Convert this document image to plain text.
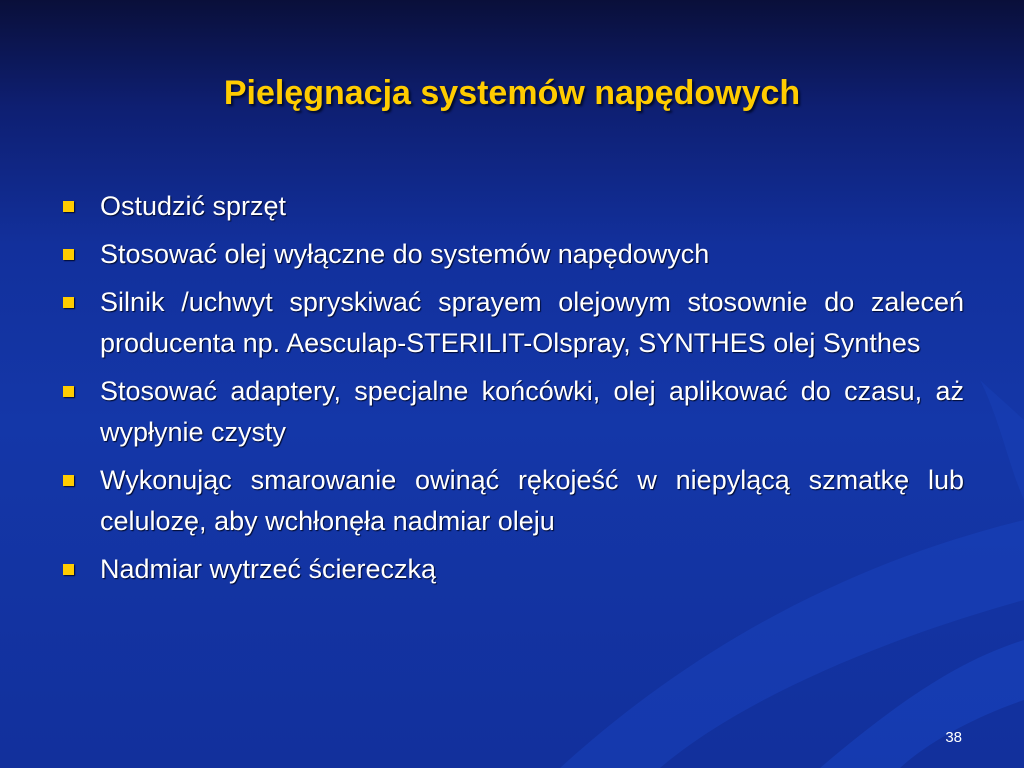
Pielęgnacja systemów napędowych
Ostudzić sprzęt
Stosować olej wyłączne do systemów napędowych
Silnik /uchwyt spryskiwać sprayem olejowym stosownie do zaleceń producenta np. Aesculap-STERILIT-Olspray, SYNTHES olej Synthes
Stosować adaptery, specjalne końcówki, olej aplikować do czasu, aż wypłynie czysty
Wykonując smarowanie owinąć rękojeść w niepylącą szmatkę lub celulozę, aby wchłonęła nadmiar oleju
Nadmiar wytrzeć ściereczką
38
